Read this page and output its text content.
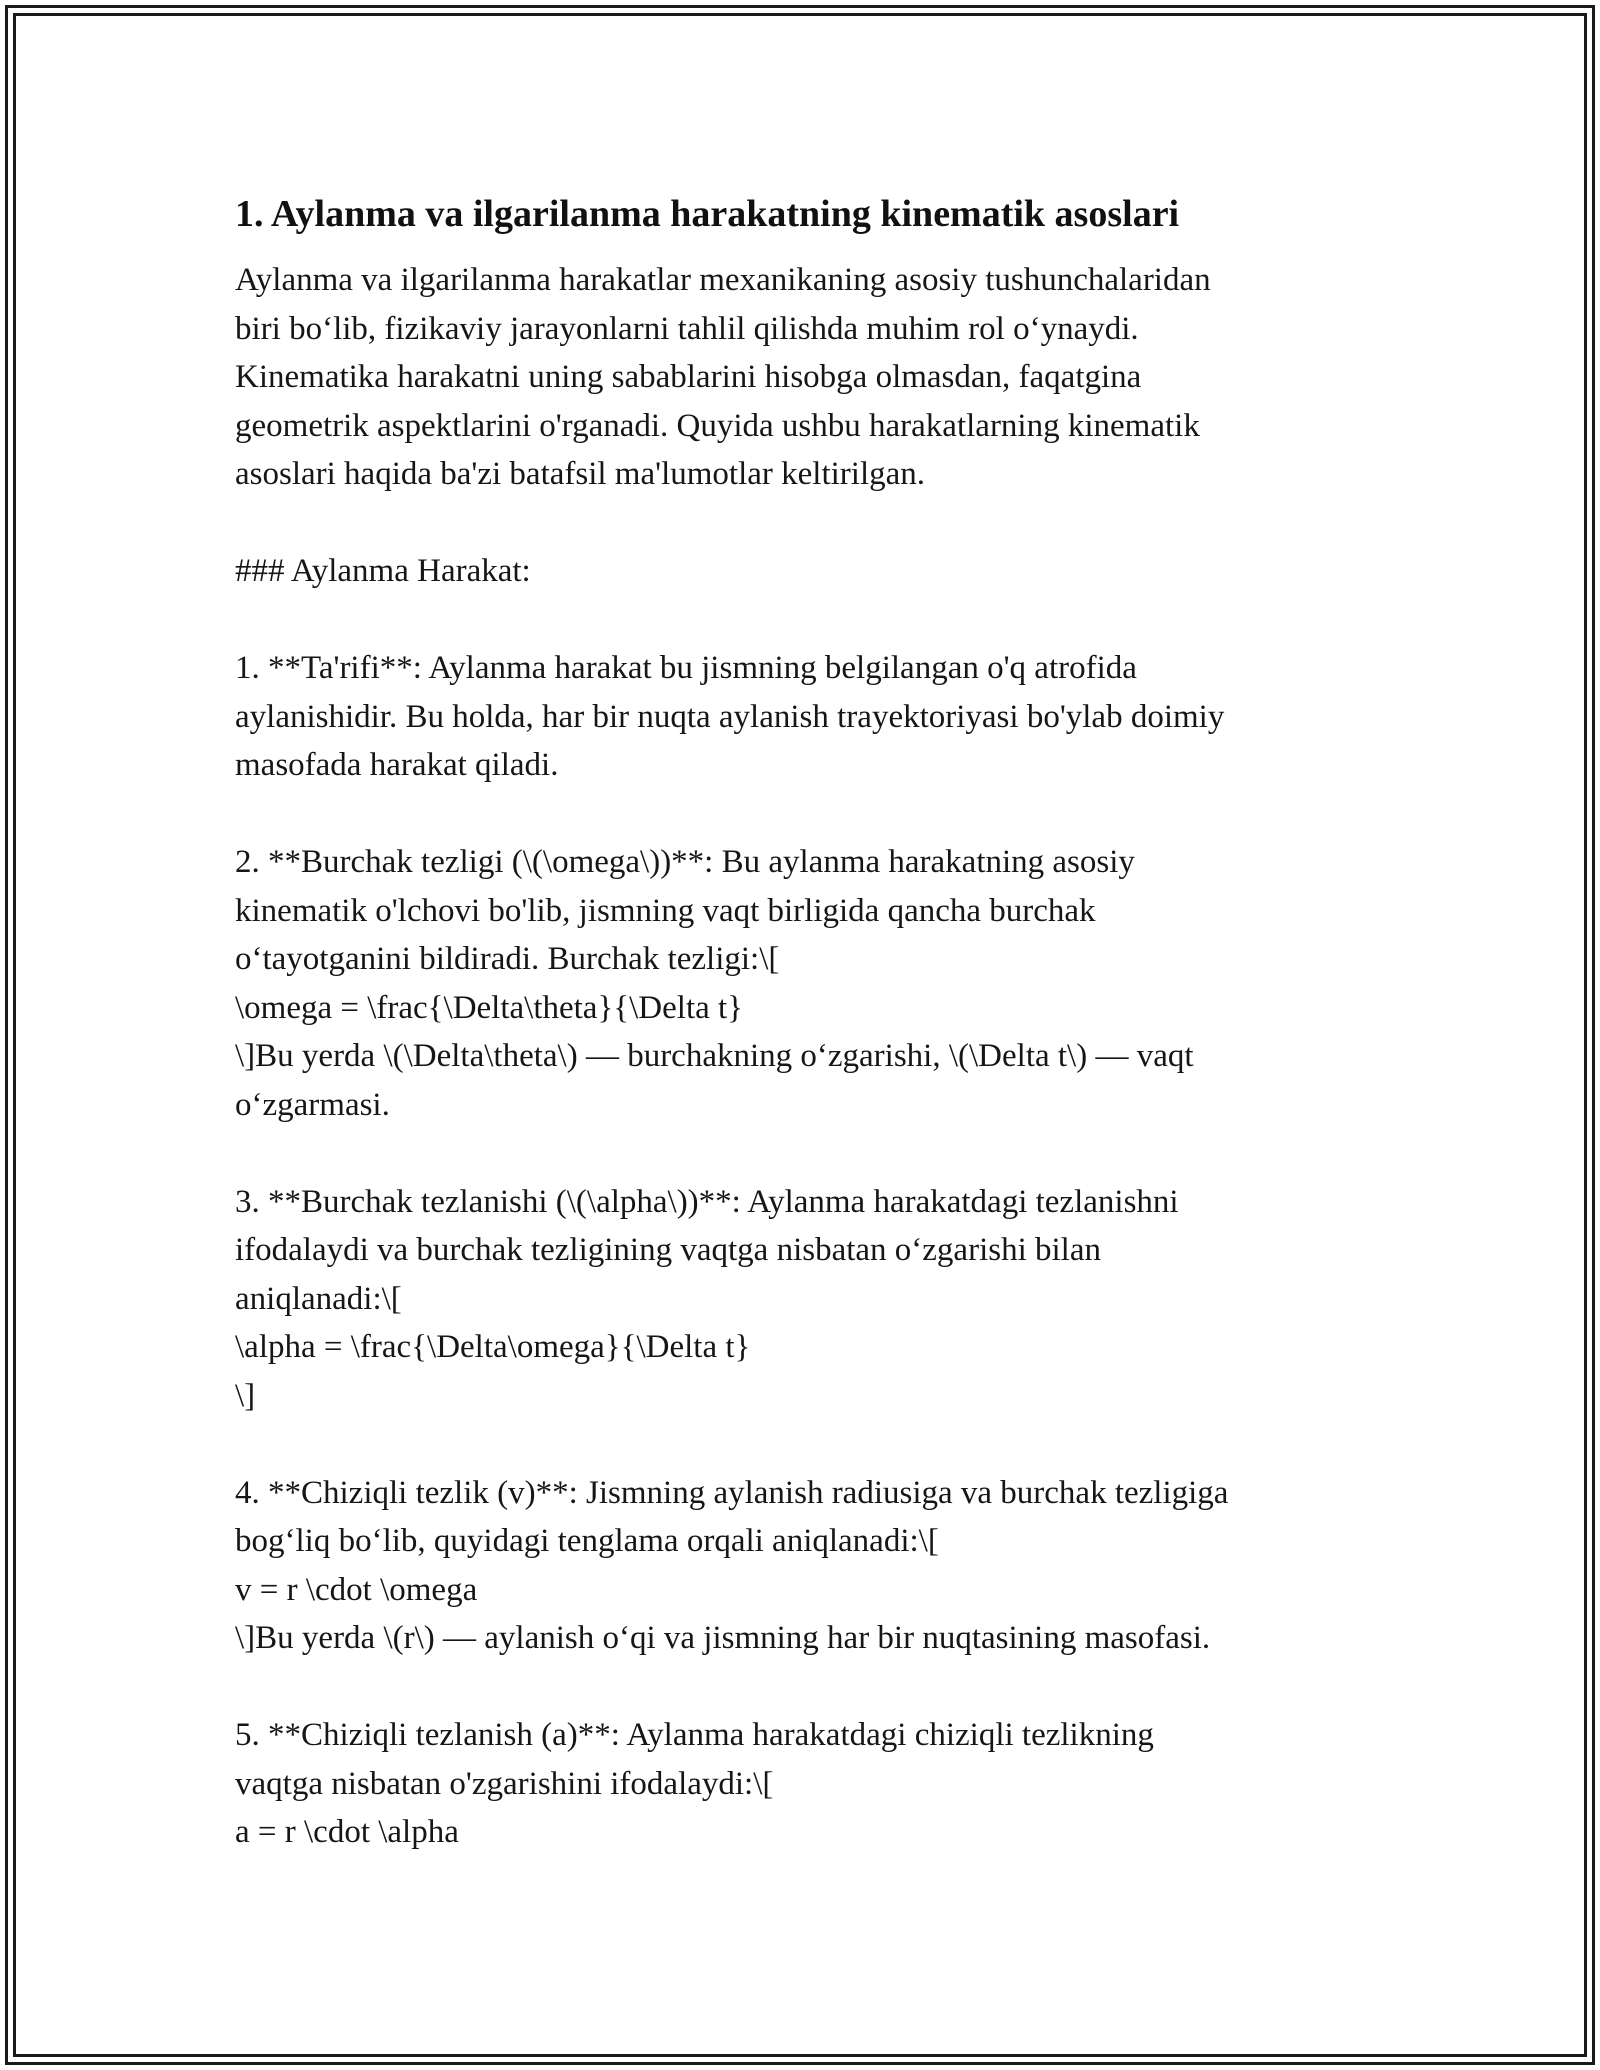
1. Aylanma va ilgarilanma harakatning kinematik asoslari
Aylanma va ilgarilanma harakatlar mexanikaning asosiy tushunchalaridan
biri bo‘lib, fizikaviy jarayonlarni tahlil qilishda muhim rol o‘ynaydi.
Kinematika harakatni uning sabablarini hisobga olmasdan, faqatgina
geometrik aspektlarini o'rganadi. Quyida ushbu harakatlarning kinematik
asoslari haqida ba'zi batafsil ma'lumotlar keltirilgan.
### Aylanma Harakat:
1. **Ta'rifi**: Aylanma harakat bu jismning belgilangan o'q atrofida
aylanishidir. Bu holda, har bir nuqta aylanish trayektoriyasi bo'ylab doimiy
masofada harakat qiladi.
2. **Burchak tezligi (\(\omega\))**: Bu aylanma harakatning asosiy
kinematik o'lchovi bo'lib, jismning vaqt birligida qancha burchak
o‘tayotganini bildiradi. Burchak tezligi:\[
\omega = \frac{\Delta\theta}{\Delta t}
\]Bu yerda \(\Delta\theta\) — burchakning o‘zgarishi, \(\Delta t\) — vaqt
o‘zgarmasi.
3. **Burchak tezlanishi (\(\alpha\))**: Aylanma harakatdagi tezlanishni
ifodalaydi va burchak tezligining vaqtga nisbatan o‘zgarishi bilan
aniqlanadi:\[
\alpha = \frac{\Delta\omega}{\Delta t}
\]
4. **Chiziqli tezlik (v)**: Jismning aylanish radiusiga va burchak tezligiga
bog‘liq bo‘lib, quyidagi tenglama orqali aniqlanadi:\[
v = r \cdot \omega
\]Bu yerda \(r\) — aylanish o‘qi va jismning har bir nuqtasining masofasi.
5. **Chiziqli tezlanish (a)**: Aylanma harakatdagi chiziqli tezlikning
vaqtga nisbatan o'zgarishini ifodalaydi:\[
a = r \cdot \alpha
